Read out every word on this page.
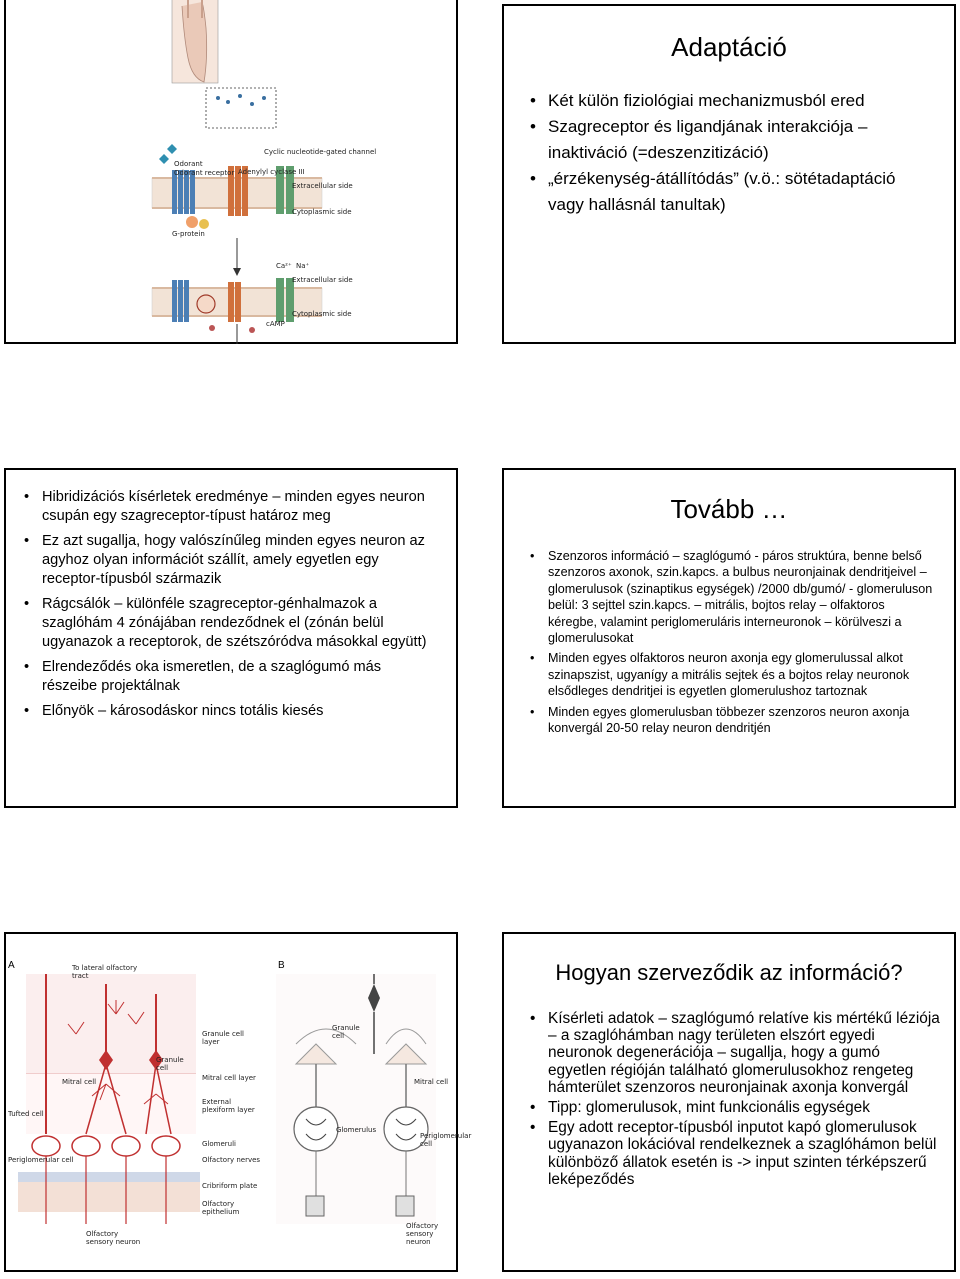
Cyclic nucleotide-gated channel
Odorant
Odorant receptor Adenylyl cyclase III
Extracellular side
Cytoplasmic side
G-protein
Ca²⁺ Na⁺
Extracellular side
Cytoplasmic side
cAMP
Adaptáció
• Két külön fiziológiai mechanizmusból ered
• Szagreceptor és ligandjának interakciója – inaktiváció (=deszenzitizáció)
• „érzékenység-átállítódás” (v.ö.: sötétadaptáció vagy hallásnál tanultak)
• Hibridizációs kísérletek eredménye – minden egyes neuron csupán egy szagreceptor-típust határoz meg
• Ez azt sugallja, hogy valószínűleg minden egyes neuron az agyhoz olyan információt szállít, amely egyetlen egy receptor-típusból származik
• Rágcsálók – különféle szagreceptor-génhalmazok a szaglóhám 4 zónájában rendeződnek el (zónán belül ugyanazok a receptorok, de szétszóródva másokkal együtt)
• Elrendeződés oka ismeretlen, de a szaglógumó más részeibe projektálnak
• Előnyök – károsodáskor nincs totális kiesés
Tovább …
• Szenzoros információ – szaglógumó - páros struktúra, benne belső szenzoros axonok, szin.kapcs. a bulbus neuronjainak dendritjeivel – glomerulusok (szinaptikus egységek) /2000 db/gumó/ - glomeruluson belül: 3 sejttel szin.kapcs. – mitrális, bojtos relay – olfaktoros kéregbe, valamint periglomeruláris interneuronok – körülveszi a glomerulusokat
• Minden egyes olfaktoros neuron axonja egy glomerulussal alkot szinapszist, ugyanígy a mitrális sejtek és a bojtos relay neuronok elsődleges dendritjei is egyetlen glomerulushoz tartoznak
• Minden egyes glomerulusban többezer szenzoros neuron axonja konvergál 20-50 relay neuron dendritjén
A	B
To lateral olfactory tract
Granule cell layer
Granule cell
Mitral cell	Mitral cell layer
External plexiform layer
Tufted cell
Glomeruli
Olfactory nerves
Periglomerular cell
Cribriform plate
Olfactory epithelium
Olfactory sensory neuron
Granule cell
Mitral cell
Glomerulus
Periglomerular cell
Olfactory sensory neuron
Hogyan szerveződik az információ?
• Kísérleti adatok – szaglógumó relatíve kis mértékű léziója – a szaglóhámban nagy területen elszórt egyedi neuronok degenerációja – sugallja, hogy a gumó egyetlen régióján található glomerulusokhoz rengeteg hámterület szenzoros neuronjainak axonja konvergál
• Tipp: glomerulusok, mint funkcionális egységek
• Egy adott receptor-típusból inputot kapó glomerulusok ugyanazon lokációval rendelkeznek a szaglóhámon belül különböző állatok esetén is -> input szinten térképszerű leképeződés
